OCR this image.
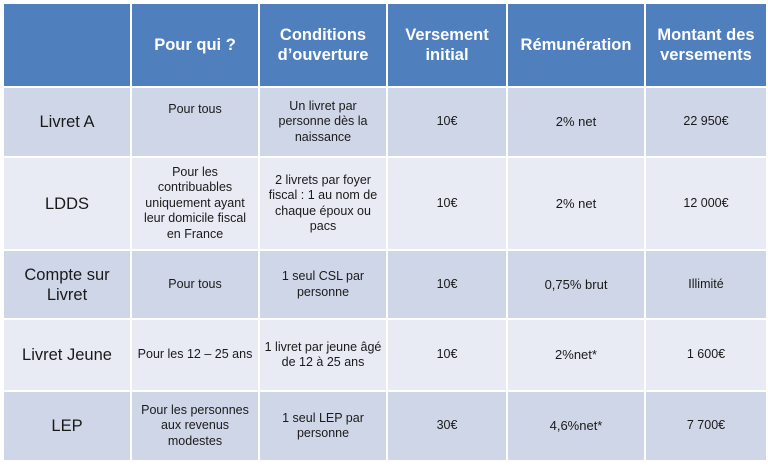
	Pour qui ?	Conditions d’ouverture	Versement initial	Rémunération	Montant des versements
Livret A	Pour tous	Un livret par personne dès la naissance	10€	2% net	22 950€
LDDS	Pour les contribuables uniquement ayant leur domicile fiscal en France	2 livrets par foyer fiscal : 1 au nom de chaque époux ou pacs	10€	2% net	12 000€
Compte sur Livret	Pour tous	1 seul CSL par personne	10€	0,75% brut	Illimité
Livret Jeune	Pour les 12 – 25 ans	1 livret par jeune âgé de 12 à 25 ans	10€	2%net*	1 600€
LEP	Pour les personnes aux revenus modestes	1 seul LEP par personne	30€	4,6%net*	7 700€
